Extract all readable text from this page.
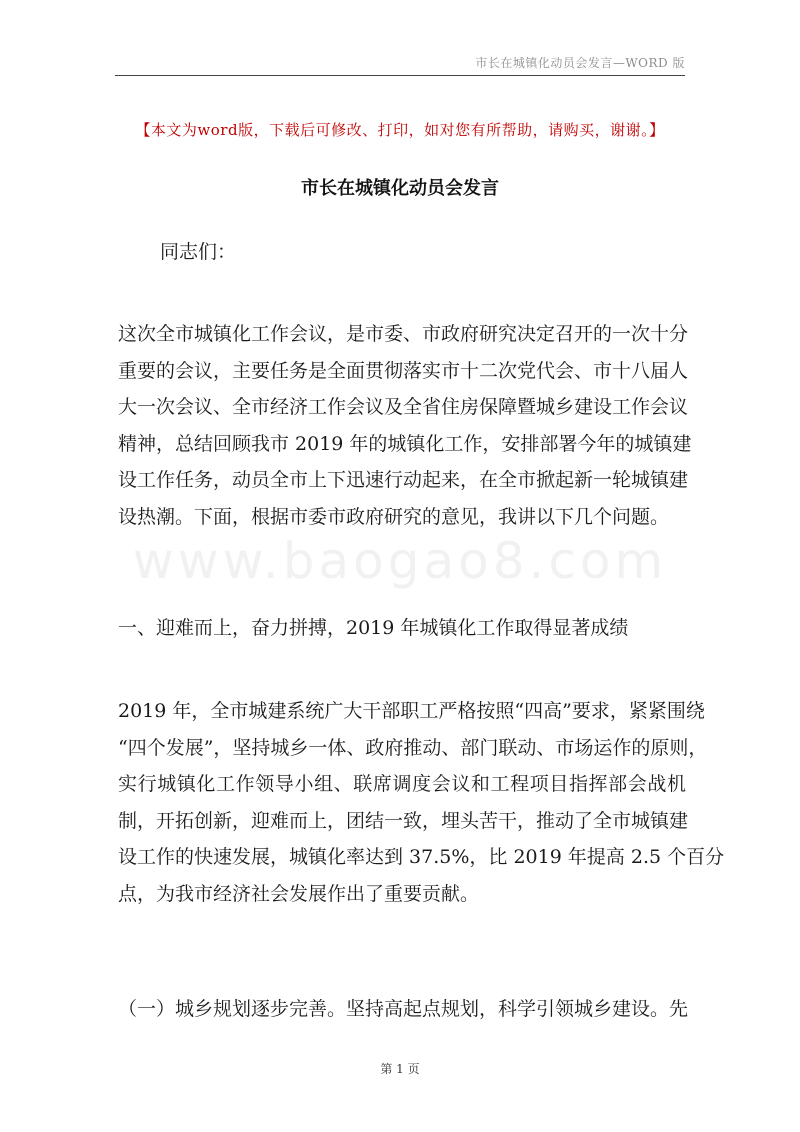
市长在城镇化动员会发言—WORD 版
【本文为word版，下载后可修改、打印，如对您有所帮助，请购买，谢谢。】
市长在城镇化动员会发言
同志们：
这次全市城镇化工作会议，是市委、市政府研究决定召开的一次十分
重要的会议，主要任务是全面贯彻落实市十二次党代会、市十八届人
大一次会议、全市经济工作会议及全省住房保障暨城乡建设工作会议
精神，总结回顾我市 2019 年的城镇化工作，安排部署今年的城镇建
设工作任务，动员全市上下迅速行动起来，在全市掀起新一轮城镇建
设热潮。下面，根据市委市政府研究的意见，我讲以下几个问题。
www.baogao8.com
一、迎难而上，奋力拼搏，2019 年城镇化工作取得显著成绩
2019 年，全市城建系统广大干部职工严格按照“四高”要求，紧紧围绕
“四个发展”，坚持城乡一体、政府推动、部门联动、市场运作的原则，
实行城镇化工作领导小组、联席调度会议和工程项目指挥部会战机
制，开拓创新，迎难而上，团结一致，埋头苦干，推动了全市城镇建
设工作的快速发展，城镇化率达到 37.5%，比 2019 年提高 2.5 个百分
点，为我市经济社会发展作出了重要贡献。
（一）城乡规划逐步完善。坚持高起点规划，科学引领城乡建设。先
第 1 页
